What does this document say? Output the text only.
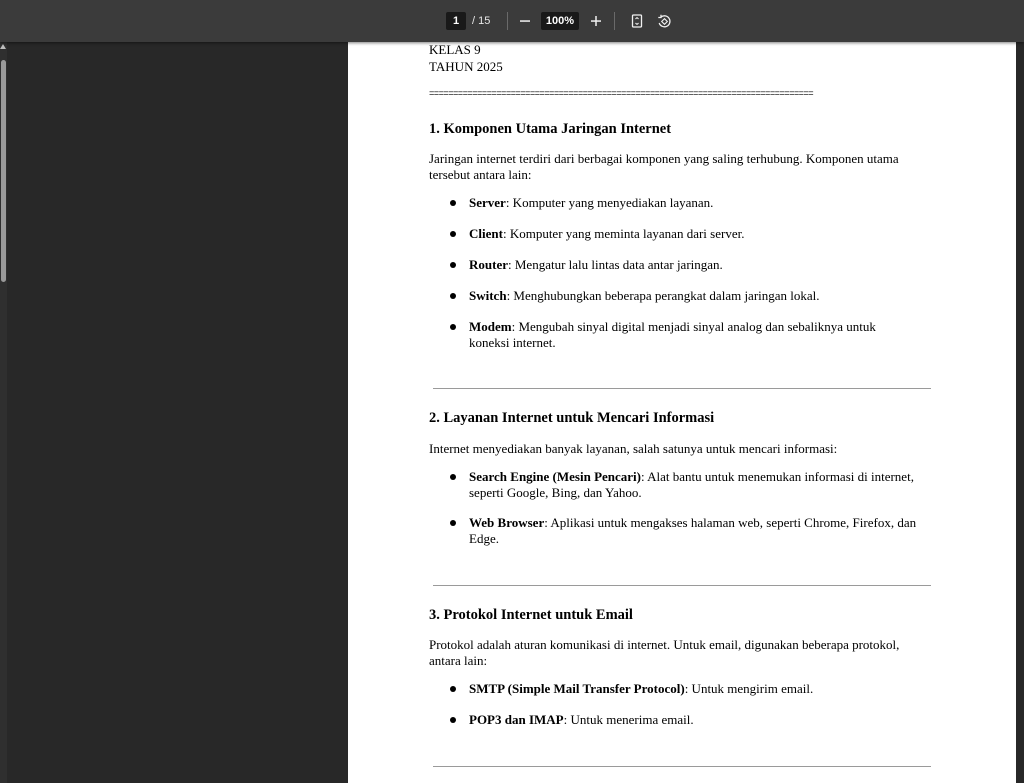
1	/ 15	100%
KELAS 9
TAHUN 2025
================================================================================
1. Komponen Utama Jaringan Internet
Jaringan internet terdiri dari berbagai komponen yang saling terhubung. Komponen utama
tersebut antara lain:
Server: Komputer yang menyediakan layanan.
Client: Komputer yang meminta layanan dari server.
Router: Mengatur lalu lintas data antar jaringan.
Switch: Menghubungkan beberapa perangkat dalam jaringan lokal.
Modem: Mengubah sinyal digital menjadi sinyal analog dan sebaliknya untuk
koneksi internet.
2. Layanan Internet untuk Mencari Informasi
Internet menyediakan banyak layanan, salah satunya untuk mencari informasi:
Search Engine (Mesin Pencari): Alat bantu untuk menemukan informasi di internet,
seperti Google, Bing, dan Yahoo.
Web Browser: Aplikasi untuk mengakses halaman web, seperti Chrome, Firefox, dan
Edge.
3. Protokol Internet untuk Email
Protokol adalah aturan komunikasi di internet. Untuk email, digunakan beberapa protokol,
antara lain:
SMTP (Simple Mail Transfer Protocol): Untuk mengirim email.
POP3 dan IMAP: Untuk menerima email.
